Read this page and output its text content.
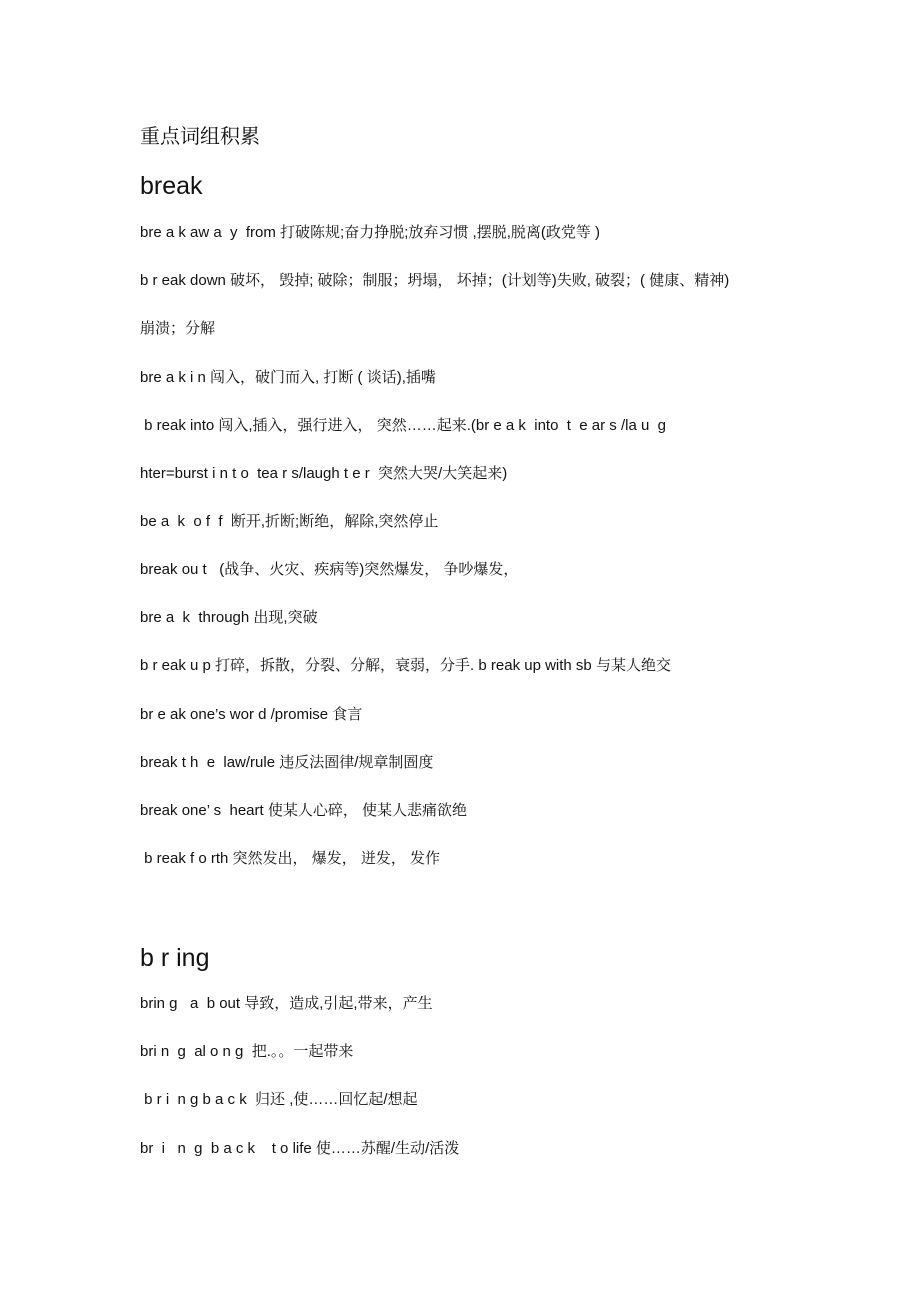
重点词组积累
break
bre a k aw a  y  from 打破陈规;奋力挣脱;放弃习惯 ,摆脱,脱离(政党等 )
b r eak down 破坏， 毁掉; 破除；制服；坍塌， 坏掉；(计划等)失败, 破裂；( 健康、精神)
崩溃；分解
bre a k i n 闯入，破门而入, 打断 ( 谈话),插嘴
b reak into 闯入,插入，强行进入， 突然……起来.(br e a k  into  t  e ar s /la u  g
hter=burst i n t o  tea r s/laugh t e r  突然大哭/大笑起来)
be a  k  o f  f  断开,折断;断绝，解除,突然停止
break ou t   (战争、火灾、疾病等)突然爆发， 争吵爆发，
bre a  k  through 出现,突破
b r eak u p 打碎，拆散，分裂、分解，衰弱，分手. b reak up with sb 与某人绝交
br e ak one’s wor d /promise 食言
break t h  e  law/rule 违反法圄律/规章制圄度
break one’ s  heart 使某人心碎， 使某人悲痛欲绝
b reak f o rth 突然发出， 爆发， 迸发， 发作
b r ing
brin g   a  b out 导致，造成,引起,带来，产生
bri n  g  al o n g  把.。。一起带来
b r i  n g b a c k  归还 ,使……回忆起/想起
br  i   n  g  b a c k    t o life 使……苏醒/生动/活泼
